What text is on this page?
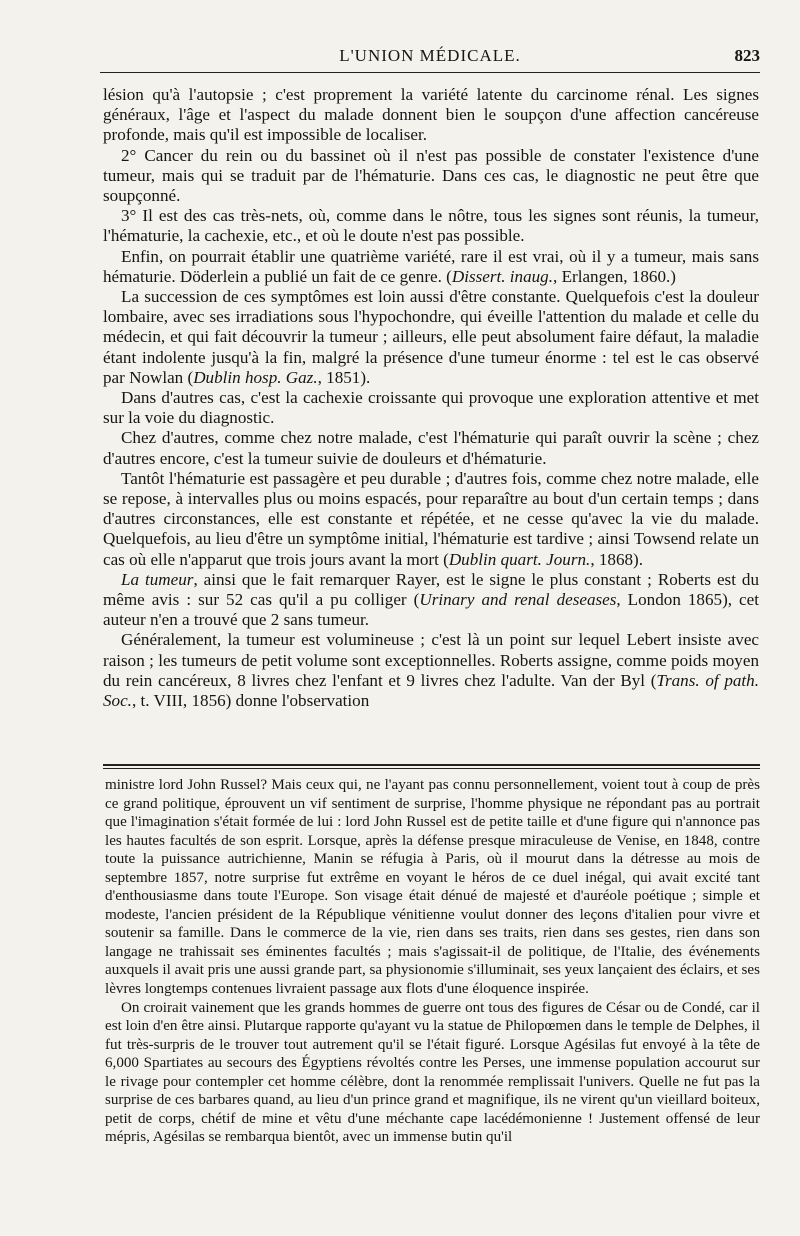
L'UNION MÉDICALE.	823

lésion qu'à l'autopsie ; c'est proprement la variété latente du carcinome rénal. Les signes généraux, l'âge et l'aspect du malade donnent bien le soupçon d'une affection cancéreuse profonde, mais qu'il est impossible de localiser.

2° Cancer du rein ou du bassinet où il n'est pas possible de constater l'existence d'une tumeur, mais qui se traduit par de l'hématurie. Dans ces cas, le diagnostic ne peut être que soupçonné.

3° Il est des cas très-nets, où, comme dans le nôtre, tous les signes sont réunis, la tumeur, l'hématurie, la cachexie, etc., et où le doute n'est pas possible.

Enfin, on pourrait établir une quatrième variété, rare il est vrai, où il y a tumeur, mais sans hématurie. Döderlein a publié un fait de ce genre. (Dissert. inaug., Erlangen, 1860.)

La succession de ces symptômes est loin aussi d'être constante. Quelquefois c'est la douleur lombaire, avec ses irradiations sous l'hypochondre, qui éveille l'attention du malade et celle du médecin, et qui fait découvrir la tumeur ; ailleurs, elle peut absolument faire défaut, la maladie étant indolente jusqu'à la fin, malgré la présence d'une tumeur énorme : tel est le cas observé par Nowlan (Dublin hosp. Gaz., 1851).

Dans d'autres cas, c'est la cachexie croissante qui provoque une exploration attentive et met sur la voie du diagnostic.

Chez d'autres, comme chez notre malade, c'est l'hématurie qui paraît ouvrir la scène ; chez d'autres encore, c'est la tumeur suivie de douleurs et d'hématurie.

Tantôt l'hématurie est passagère et peu durable ; d'autres fois, comme chez notre malade, elle se repose, à intervalles plus ou moins espacés, pour reparaître au bout d'un certain temps ; dans d'autres circonstances, elle est constante et répétée, et ne cesse qu'avec la vie du malade. Quelquefois, au lieu d'être un symptôme initial, l'hématurie est tardive ; ainsi Towsend relate un cas où elle n'apparut que trois jours avant la mort (Dublin quart. Journ., 1868).

La tumeur, ainsi que le fait remarquer Rayer, est le signe le plus constant ; Roberts est du même avis : sur 52 cas qu'il a pu colliger (Urinary and renal deseases, London 1865), cet auteur n'en a trouvé que 2 sans tumeur.

Généralement, la tumeur est volumineuse ; c'est là un point sur lequel Lebert insiste avec raison ; les tumeurs de petit volume sont exceptionnelles. Roberts assigne, comme poids moyen du rein cancéreux, 8 livres chez l'enfant et 9 livres chez l'adulte. Van der Byl (Trans. of path. Soc., t. VIII, 1856) donne l'observation

ministre lord John Russel? Mais ceux qui, ne l'ayant pas connu personnellement, voient tout à coup de près ce grand politique, éprouvent un vif sentiment de surprise, l'homme physique ne répondant pas au portrait que l'imagination s'était formée de lui : lord John Russel est de petite taille et d'une figure qui n'annonce pas les hautes facultés de son esprit. Lorsque, après la défense presque miraculeuse de Venise, en 1848, contre toute la puissance autrichienne, Manin se réfugia à Paris, où il mourut dans la détresse au mois de septembre 1857, notre surprise fut extrême en voyant le héros de ce duel inégal, qui avait excité tant d'enthousiasme dans toute l'Europe. Son visage était dénué de majesté et d'auréole poétique ; simple et modeste, l'ancien président de la République vénitienne voulut donner des leçons d'italien pour vivre et soutenir sa famille. Dans le commerce de la vie, rien dans ses traits, rien dans ses gestes, rien dans son langage ne trahissait ses éminentes facultés ; mais s'agissait-il de politique, de l'Italie, des événements auxquels il avait pris une aussi grande part, sa physionomie s'illuminait, ses yeux lançaient des éclairs, et ses lèvres longtemps contenues livraient passage aux flots d'une éloquence inspirée.

On croirait vainement que les grands hommes de guerre ont tous des figures de César ou de Condé, car il est loin d'en être ainsi. Plutarque rapporte qu'ayant vu la statue de Philopœmen dans le temple de Delphes, il fut très-surpris de le trouver tout autrement qu'il se l'était figuré. Lorsque Agésilas fut envoyé à la tête de 6,000 Spartiates au secours des Égyptiens révoltés contre les Perses, une immense population accourut sur le rivage pour contempler cet homme célèbre, dont la renommée remplissait l'univers. Quelle ne fut pas la surprise de ces barbares quand, au lieu d'un prince grand et magnifique, ils ne virent qu'un vieillard boiteux, petit de corps, chétif de mine et vêtu d'une méchante cape lacédémonienne ! Justement offensé de leur mépris, Agésilas se rembarqua bientôt, avec un immense butin qu'il
